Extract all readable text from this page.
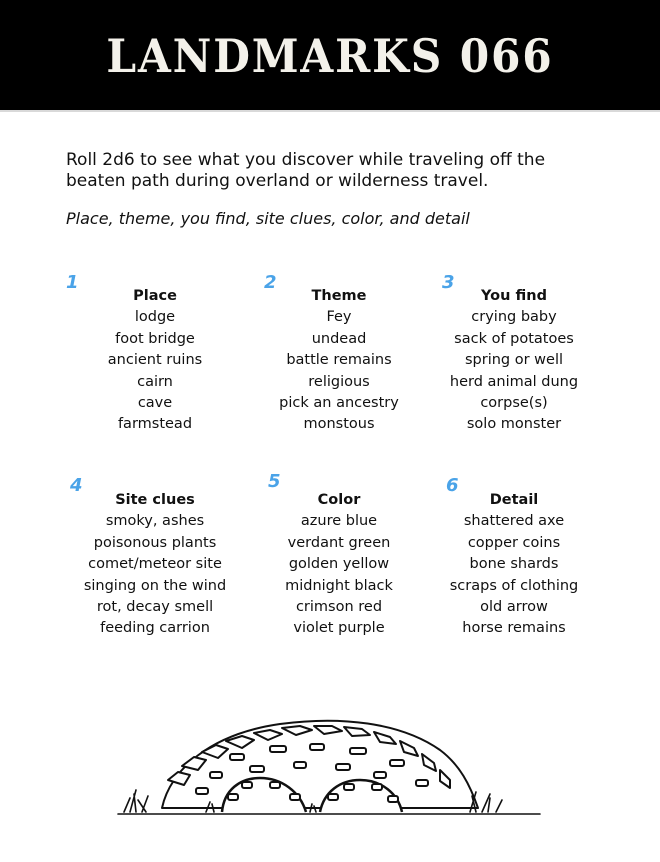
LANDMARKS 066
Roll 2d6 to see what you discover while traveling off the beaten path during overland or wilderness travel.
Place, theme, you find, site clues, color, and detail
1
Place
lodge
foot bridge
ancient ruins
cairn
cave
farmstead
2
Theme
Fey
undead
battle remains
religious
pick an ancestry
monstous
3
You find
crying baby
sack of potatoes
spring or well
herd animal dung
corpse(s)
solo monster
4
Site clues
smoky, ashes
poisonous plants
comet/meteor site
singing on the wind
rot, decay smell
feeding carrion
5
Color
azure blue
verdant green
golden yellow
midnight black
crimson red
violet purple
6
Detail
shattered axe
copper coins
bone shards
scraps of clothing
old arrow
horse remains
